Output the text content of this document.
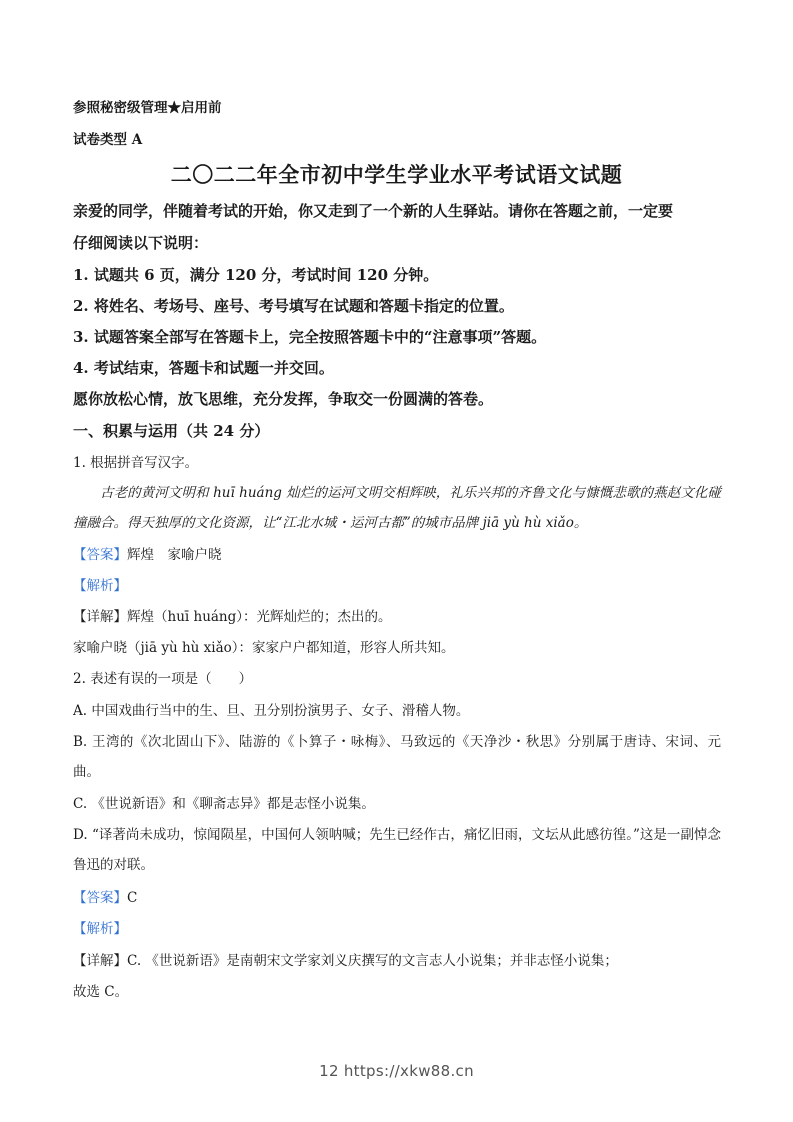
参照秘密级管理★启用前
试卷类型 A
二〇二二年全市初中学生学业水平考试语文试题
亲爱的同学，伴随着考试的开始，你又走到了一个新的人生驿站。请你在答题之前，一定要
仔细阅读以下说明：
1. 试题共 6 页，满分 120 分，考试时间 120 分钟。
2. 将姓名、考场号、座号、考号填写在试题和答题卡指定的位置。
3. 试题答案全部写在答题卡上，完全按照答题卡中的“注意事项”答题。
4. 考试结束，答题卡和试题一并交回。
愿你放松心情，放飞思维，充分发挥，争取交一份圆满的答卷。
一、积累与运用（共 24 分）
1. 根据拼音写汉字。
古老的黄河文明和 huī huáng 灿烂的运河文明交相辉映，礼乐兴邦的齐鲁文化与慷慨悲歌的燕赵文化碰撞融合。得天独厚的文化资源，让“江北水城・运河古都”的城市品牌 jiā yù hù xiǎo。
【答案】辉煌　家喻户晓
【解析】
【详解】辉煌（huī huáng）：光辉灿烂的；杰出的。
家喻户晓（jiā yù hù xiǎo）：家家户户都知道，形容人所共知。
2. 表述有误的一项是（　　）
A. 中国戏曲行当中的生、旦、丑分别扮演男子、女子、滑稽人物。
B. 王湾的《次北固山下》、陆游的《卜算子・咏梅》、马致远的《天净沙・秋思》分别属于唐诗、宋词、元曲。
C. 《世说新语》和《聊斋志异》都是志怪小说集。
D. “译著尚未成功，惊闻陨星，中国何人领呐喊；先生已经作古，痛忆旧雨，文坛从此感彷徨。”这是一副悼念鲁迅的对联。
【答案】C
【解析】
【详解】C. 《世说新语》是南朝宋文学家刘义庆撰写的文言志人小说集；并非志怪小说集；
故选 C。
12 https://xkw88.cn
